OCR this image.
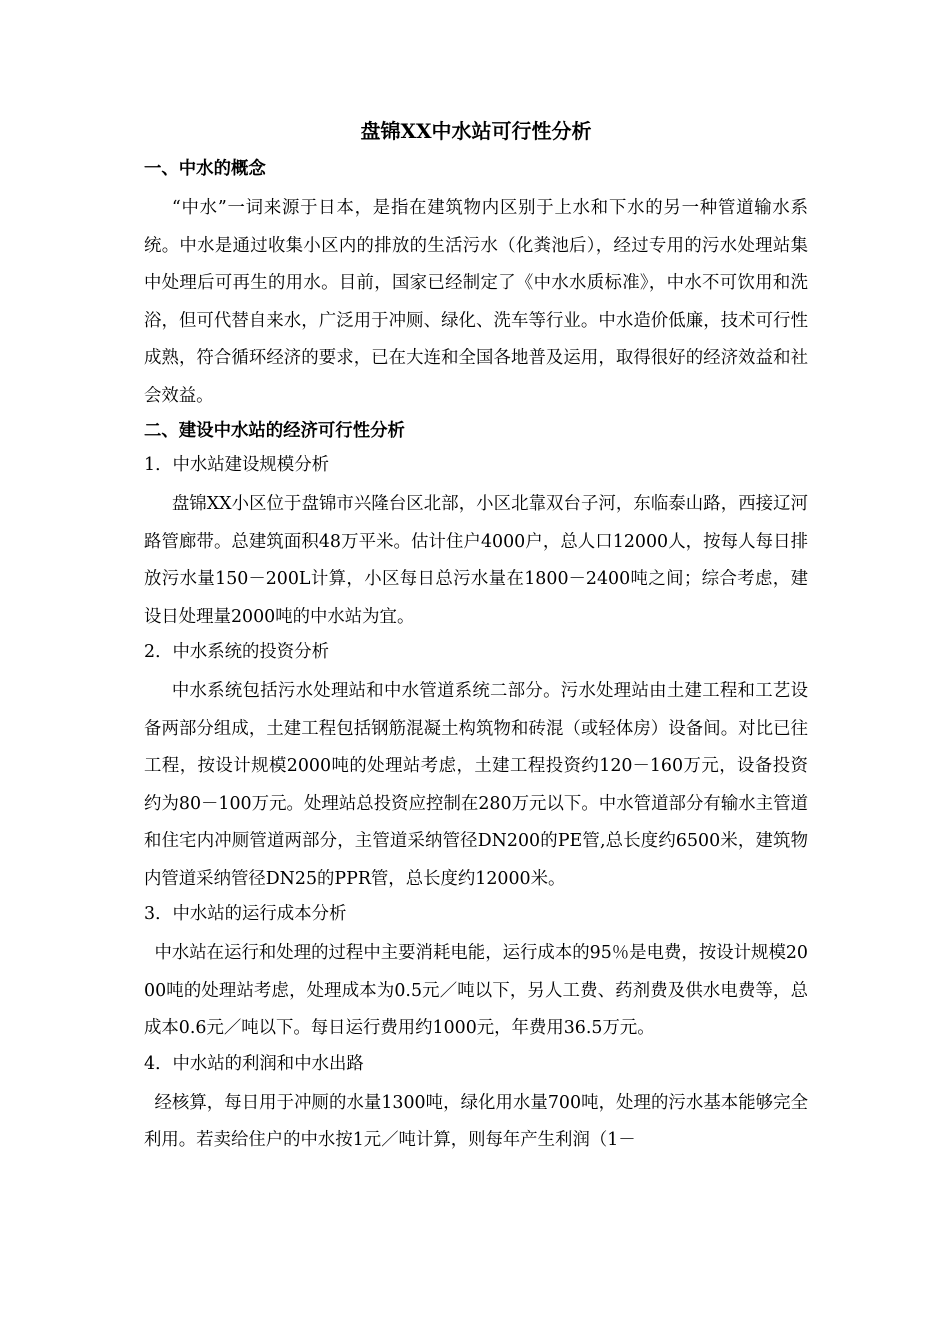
盘锦XX中水站可行性分析
一、中水的概念
“中水”一词来源于日本，是指在建筑物内区别于上水和下水的另一种管道输水系统。中水是通过收集小区内的排放的生活污水（化粪池后），经过专用的污水处理站集中处理后可再生的用水。目前，国家已经制定了《中水水质标准》，中水不可饮用和洗浴，但可代替自来水，广泛用于冲厕、绿化、洗车等行业。中水造价低廉，技术可行性成熟，符合循环经济的要求，已在大连和全国各地普及运用，取得很好的经济效益和社会效益。
二、建设中水站的经济可行性分析
1．中水站建设规模分析
盘锦XX小区位于盘锦市兴隆台区北部，小区北靠双台子河，东临泰山路，西接辽河路管廊带。总建筑面积48万平米。估计住户4000户，总人口12000人，按每人每日排放污水量150－200L计算，小区每日总污水量在1800－2400吨之间；综合考虑，建设日处理量2000吨的中水站为宜。
2．中水系统的投资分析
中水系统包括污水处理站和中水管道系统二部分。污水处理站由土建工程和工艺设备两部分组成，土建工程包括钢筋混凝土构筑物和砖混（或轻体房）设备间。对比已往工程，按设计规模2000吨的处理站考虑，土建工程投资约120－160万元，设备投资约为80－100万元。处理站总投资应控制在280万元以下。中水管道部分有输水主管道和住宅内冲厕管道两部分，主管道采纳管径DN200的PE管,总长度约6500米，建筑物内管道采纳管径DN25的PPR管，总长度约12000米。
3．中水站的运行成本分析
中水站在运行和处理的过程中主要消耗电能，运行成本的95％是电费，按设计规模2000吨的处理站考虑，处理成本为0.5元／吨以下，另人工费、药剂费及供水电费等，总成本0.6元／吨以下。每日运行费用约1000元，年费用36.5万元。
4．中水站的利润和中水出路
经核算，每日用于冲厕的水量1300吨，绿化用水量700吨，处理的污水基本能够完全利用。若卖给住户的中水按1元／吨计算，则每年产生利润（1－
